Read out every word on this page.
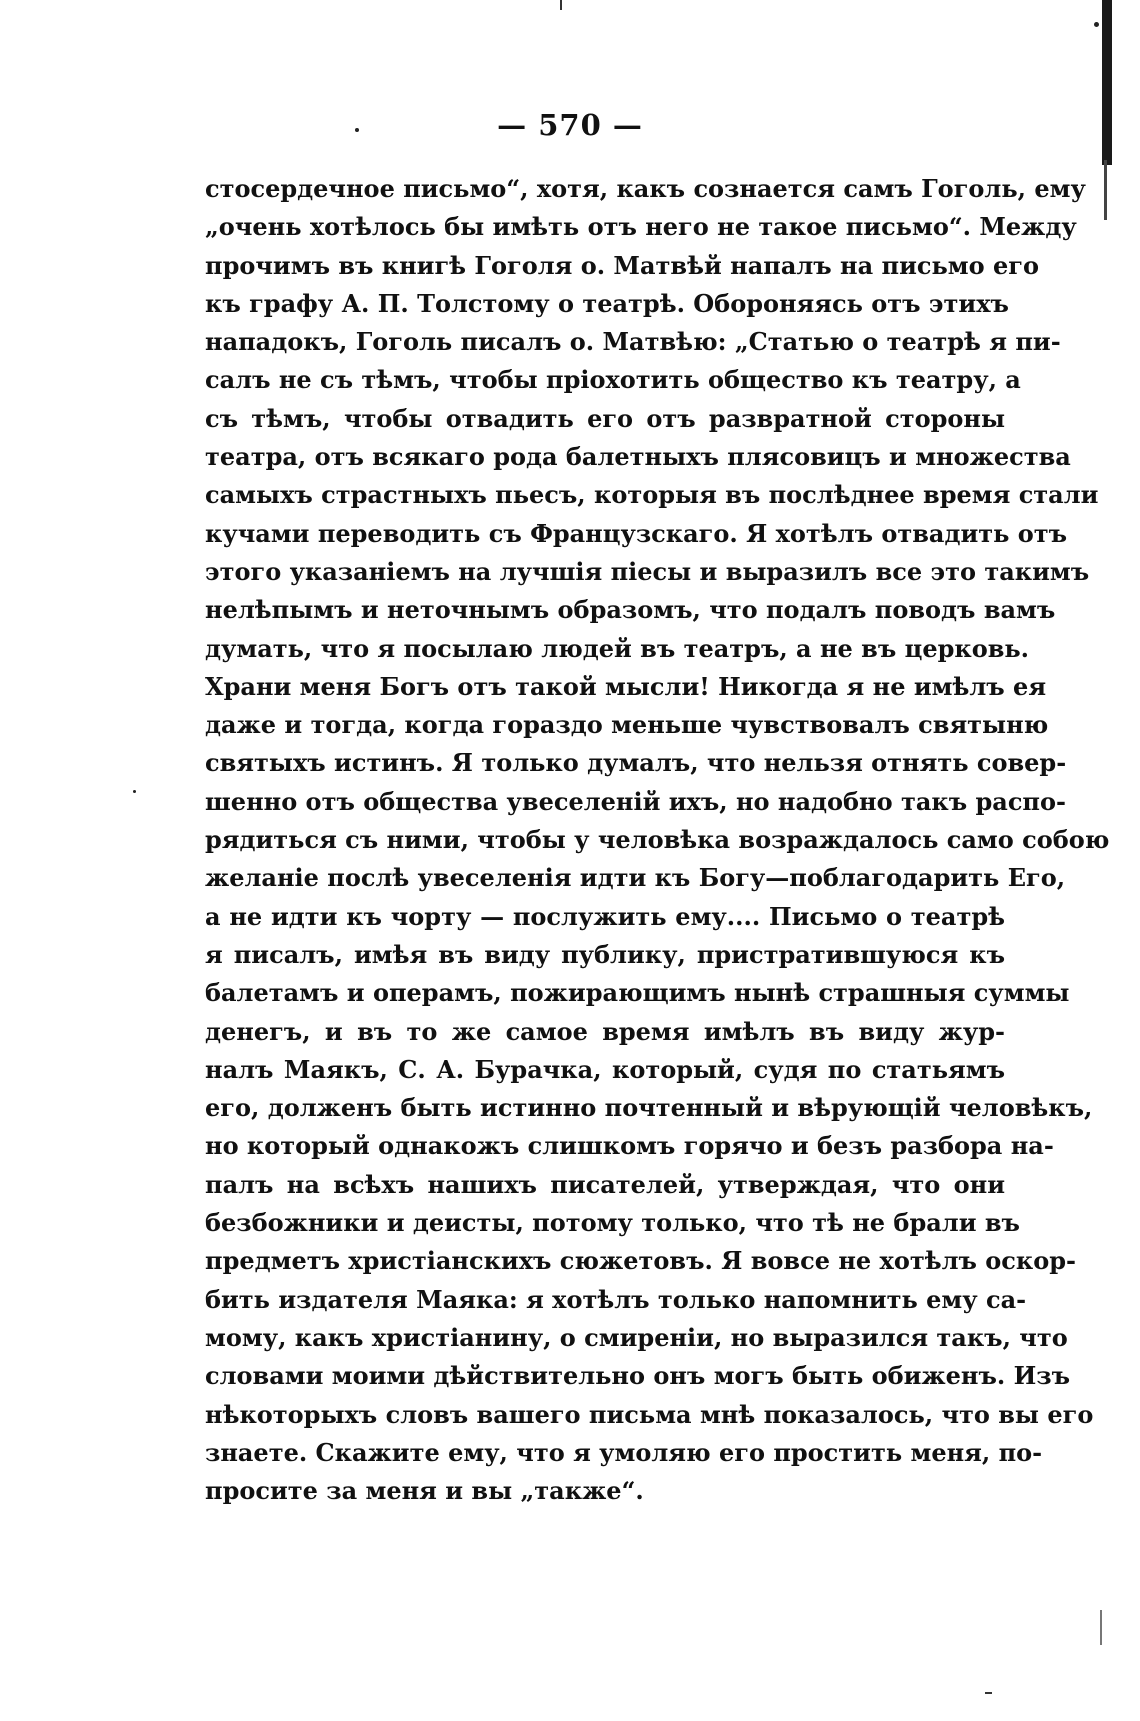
— 570 —
стосердечное письмо“, хотя, какъ сознается самъ Гоголь, ему
„очень хотѣлось бы имѣть отъ него не такое письмо“. Между
прочимъ въ книгѣ Гоголя о. Матвѣй напалъ на письмо его
къ графу А. П. Толстому о театрѣ. Обороняясь отъ этихъ
нападокъ, Гоголь писалъ о. Матвѣю: „Статью о театрѣ я пи-
салъ не съ тѣмъ, чтобы пріохотить общество къ театру, а
съ тѣмъ, чтобы отвадить его отъ развратной стороны
театра, отъ всякаго рода балетныхъ плясовицъ и множества
самыхъ страстныхъ пьесъ, которыя въ послѣднее время стали
кучами переводить съ Французскаго. Я хотѣлъ отвадить отъ
этого указаніемъ на лучшія піесы и выразилъ все это такимъ
нелѣпымъ и неточнымъ образомъ, что подалъ поводъ вамъ
думать, что я посылаю людей въ театръ, а не въ церковь.
Храни меня Богъ отъ такой мысли! Никогда я не имѣлъ ея
даже и тогда, когда гораздо меньше чувствовалъ святыню
святыхъ истинъ. Я только думалъ, что нельзя отнять совер-
шенно отъ общества увеселеній ихъ, но надобно такъ распо-
рядиться съ ними, чтобы у человѣка возраждалось само собою
желаніе послѣ увеселенія идти къ Богу—поблагодарить Его,
а не идти къ чорту — послужить ему.... Письмо о театрѣ
я писалъ, имѣя въ виду публику, пристратившуюся къ
балетамъ и операмъ, пожирающимъ нынѣ страшныя суммы
денегъ, и въ то же самое время имѣлъ въ виду жур-
налъ Маякъ, С. А. Бурачка, который, судя по статьямъ
его, долженъ быть истинно почтенный и вѣрующій человѣкъ,
но который однакожъ слишкомъ горячо и безъ разбора на-
палъ на всѣхъ нашихъ писателей, утверждая, что они
безбожники и деисты, потому только, что тѣ не брали въ
предметъ христіанскихъ сюжетовъ. Я вовсе не хотѣлъ оскор-
бить издателя Маяка: я хотѣлъ только напомнить ему са-
мому, какъ христіанину, о смиреніи, но выразился такъ, что
словами моими дѣйствительно онъ могъ быть обиженъ. Изъ
нѣкоторыхъ словъ вашего письма мнѣ показалось, что вы его
знаете. Скажите ему, что я умоляю его простить меня, по-
просите за меня и вы „также“.
